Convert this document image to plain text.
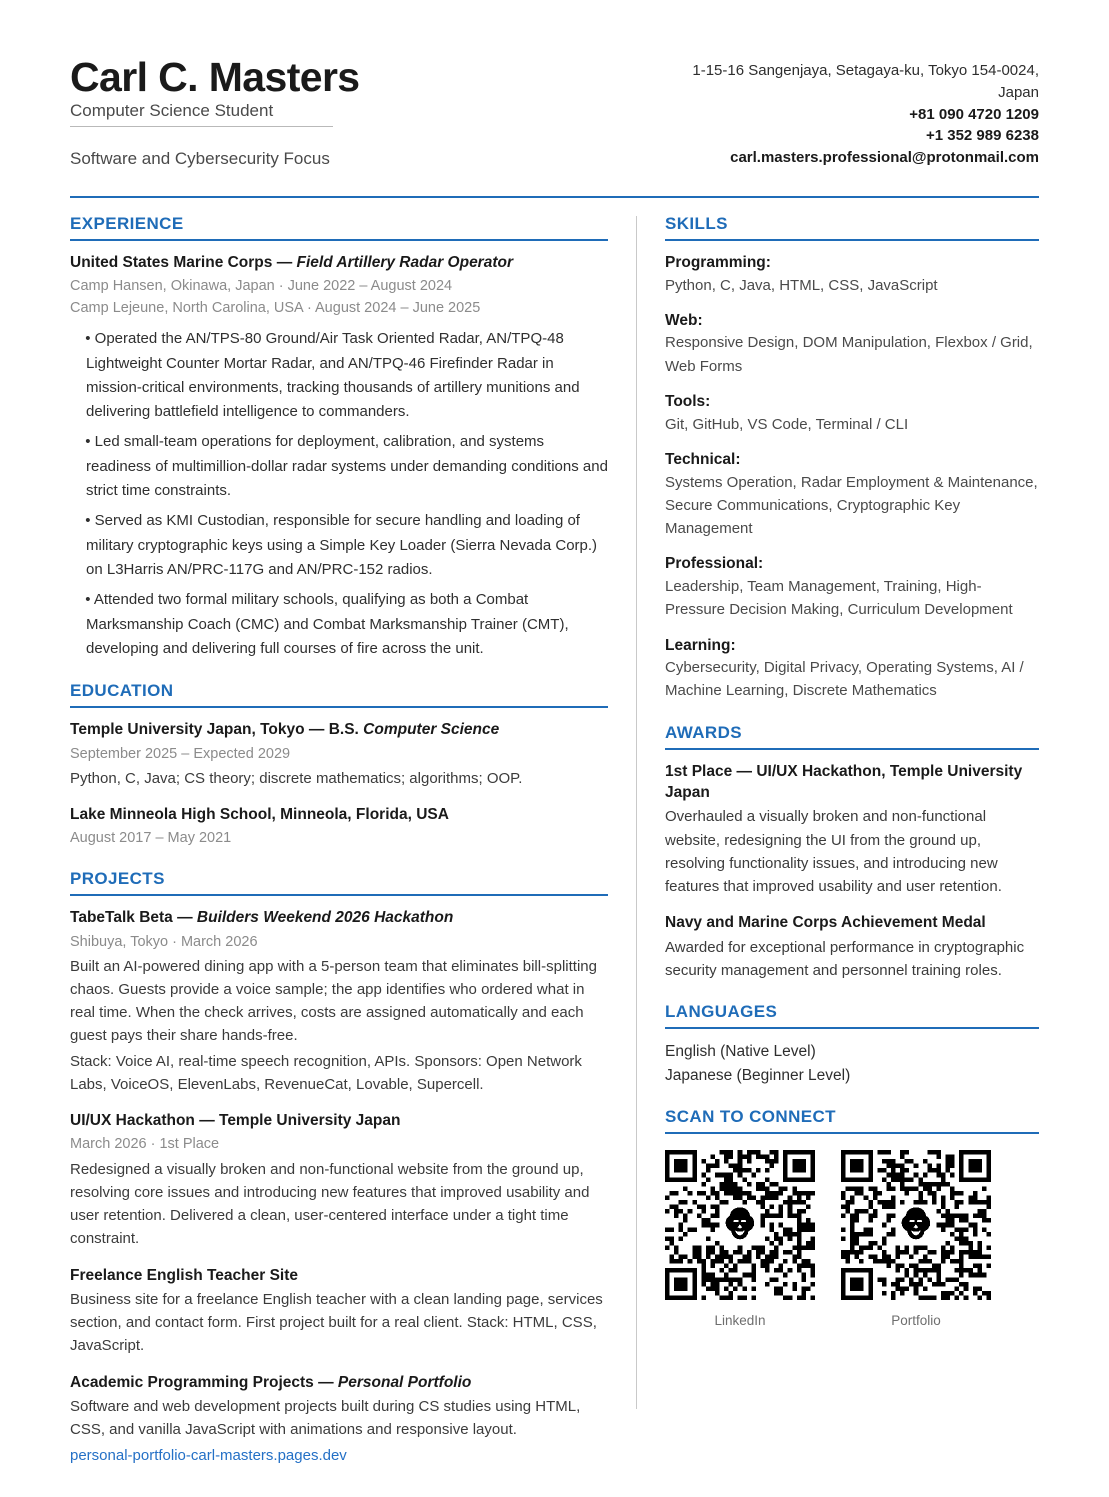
Carl C. Masters
Computer Science Student
Software and Cybersecurity Focus
1-15-16 Sangenjaya, Setagaya-ku, Tokyo 154-0024,
Japan
+81 090 4720 1209
+1 352 989 6238
carl.masters.professional@protonmail.com
EXPERIENCE
United States Marine Corps — Field Artillery Radar Operator
Camp Hansen, Okinawa, Japan · June 2022 – August 2024
Camp Lejeune, North Carolina, USA · August 2024 – June 2025
• Operated the AN/TPS-80 Ground/Air Task Oriented Radar, AN/TPQ-48 Lightweight Counter Mortar Radar, and AN/TPQ-46 Firefinder Radar in mission-critical environments, tracking thousands of artillery munitions and delivering battlefield intelligence to commanders.
• Led small-team operations for deployment, calibration, and systems readiness of multimillion-dollar radar systems under demanding conditions and strict time constraints.
• Served as KMI Custodian, responsible for secure handling and loading of military cryptographic keys using a Simple Key Loader (Sierra Nevada Corp.) on L3Harris AN/PRC-117G and AN/PRC-152 radios.
• Attended two formal military schools, qualifying as both a Combat Marksmanship Coach (CMC) and Combat Marksmanship Trainer (CMT), developing and delivering full courses of fire across the unit.
EDUCATION
Temple University Japan, Tokyo — B.S. Computer Science
September 2025 – Expected 2029
Python, C, Java; CS theory; discrete mathematics; algorithms; OOP.
Lake Minneola High School, Minneola, Florida, USA
August 2017 – May 2021
PROJECTS
TabeTalk Beta — Builders Weekend 2026 Hackathon
Shibuya, Tokyo · March 2026
Built an AI-powered dining app with a 5-person team that eliminates bill-splitting chaos. Guests provide a voice sample; the app identifies who ordered what in real time. When the check arrives, costs are assigned automatically and each guest pays their share hands-free.
Stack: Voice AI, real-time speech recognition, APIs. Sponsors: Open Network Labs, VoiceOS, ElevenLabs, RevenueCat, Lovable, Supercell.
UI/UX Hackathon — Temple University Japan
March 2026 · 1st Place
Redesigned a visually broken and non-functional website from the ground up, resolving core issues and introducing new features that improved usability and user retention. Delivered a clean, user-centered interface under a tight time constraint.
Freelance English Teacher Site
Business site for a freelance English teacher with a clean landing page, services section, and contact form. First project built for a real client. Stack: HTML, CSS, JavaScript.
Academic Programming Projects — Personal Portfolio
Software and web development projects built during CS studies using HTML, CSS, and vanilla JavaScript with animations and responsive layout.
personal-portfolio-carl-masters.pages.dev
SKILLS
Programming:
Python, C, Java, HTML, CSS, JavaScript
Web:
Responsive Design, DOM Manipulation, Flexbox / Grid, Web Forms
Tools:
Git, GitHub, VS Code, Terminal / CLI
Technical:
Systems Operation, Radar Employment & Maintenance, Secure Communications, Cryptographic Key Management
Professional:
Leadership, Team Management, Training, High-Pressure Decision Making, Curriculum Development
Learning:
Cybersecurity, Digital Privacy, Operating Systems, AI / Machine Learning, Discrete Mathematics
AWARDS
1st Place — UI/UX Hackathon, Temple University Japan
Overhauled a visually broken and non-functional website, redesigning the UI from the ground up, resolving functionality issues, and introducing new features that improved usability and user retention.
Navy and Marine Corps Achievement Medal
Awarded for exceptional performance in cryptographic security management and personnel training roles.
LANGUAGES
English (Native Level)
Japanese (Beginner Level)
SCAN TO CONNECT
LinkedIn	Portfolio
